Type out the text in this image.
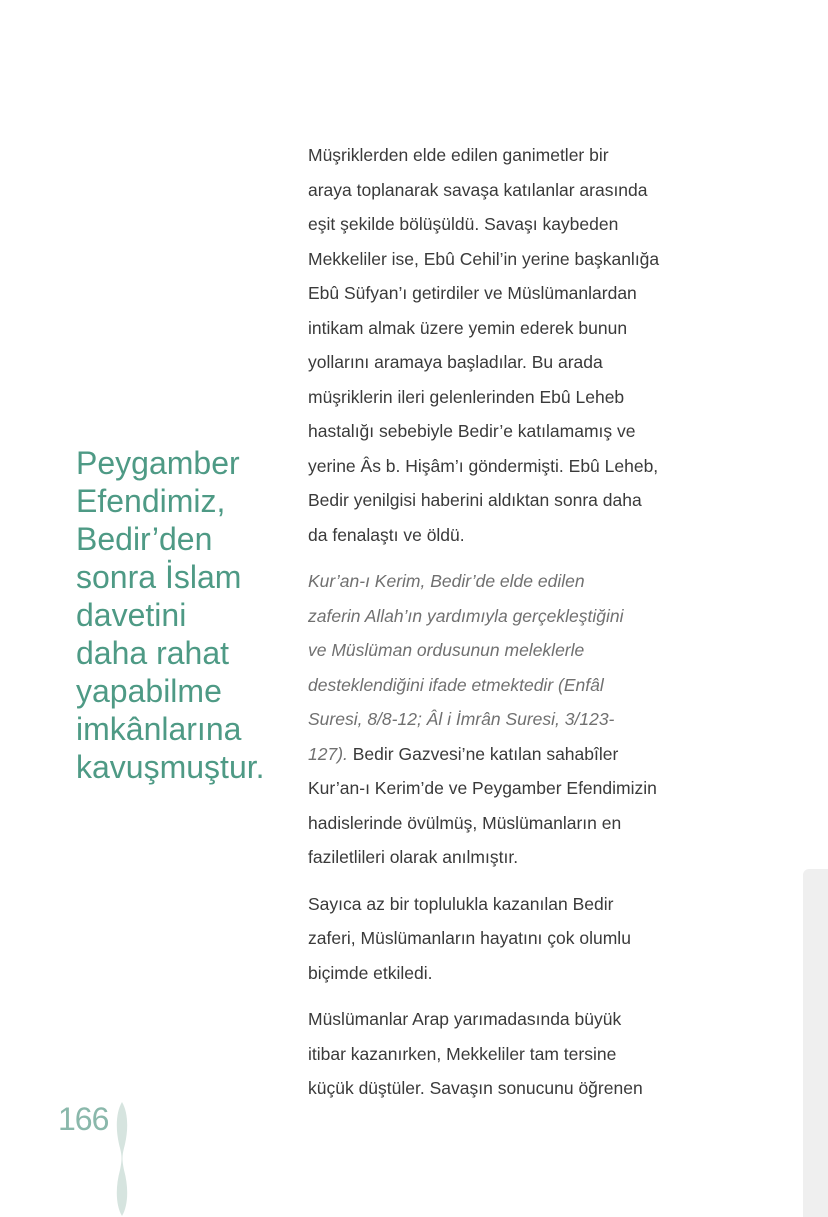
Peygamber
Efendimiz,
Bedir’den
sonra İslam
davetini
daha rahat
yapabilme
imkânlarına
kavuşmuştur.

Müşriklerden elde edilen ganimetler bir
araya toplanarak savaşa katılanlar arasında
eşit şekilde bölüşüldü. Savaşı kaybeden
Mekkeliler ise, Ebû Cehil’in yerine başkanlığa
Ebû Süfyan’ı getirdiler ve Müslümanlardan
intikam almak üzere yemin ederek bunun
yollarını aramaya başladılar. Bu arada
müşriklerin ileri gelenlerinden Ebû Leheb
hastalığı sebebiyle Bedir’e katılamamış ve
yerine Âs b. Hişâm’ı göndermişti. Ebû Leheb,
Bedir yenilgisi haberini aldıktan sonra daha
da fenalaştı ve öldü.

Kur’an-ı Kerim, Bedir’de elde edilen
zaferin Allah’ın yardımıyla gerçekleştiğini
ve Müslüman ordusunun meleklerle
desteklendiğini ifade etmektedir (Enfâl
Suresi, 8/8-12; Âl i İmrân Suresi, 3/123-
127). Bedir Gazvesi’ne katılan sahabîler
Kur’an-ı Kerim’de ve Peygamber Efendimizin
hadislerinde övülmüş, Müslümanların en
faziletlileri olarak anılmıştır.

Sayıca az bir toplulukla kazanılan Bedir
zaferi, Müslümanların hayatını çok olumlu
biçimde etkiledi.

Müslümanlar Arap yarımadasında büyük
itibar kazanırken, Mekkeliler tam tersine
küçük düştüler. Savaşın sonucunu öğrenen

166
